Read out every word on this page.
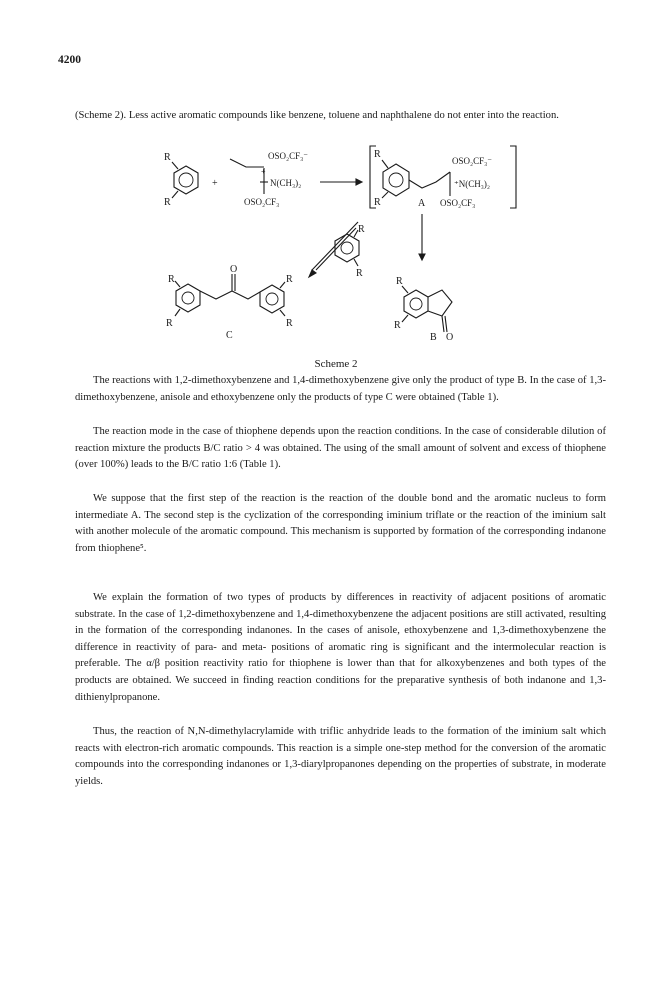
4200

(Scheme 2). Less active aromatic compounds like benzene, toluene and naphthalene do not enter into the reaction.

R
R
+
OSO₂CF₃⁻
+
N(CH₃)₂
OSO₂CF₃
R
R
OSO₂CF₃⁻
⁺N(CH₃)₂
OSO₂CF₃
A
R
R
R
R
O
R
R
C
R
R
B O

Scheme 2

The reactions with 1,2-dimethoxybenzene and 1,4-dimethoxybenzene give only the product of type B. In the case of 1,3-dimethoxybenzene, anisole and ethoxybenzene only the products of type C were obtained (Table 1).

The reaction mode in the case of thiophene depends upon the reaction conditions. In the case of considerable dilution of reaction mixture the products B/C ratio > 4 was obtained. The using of the small amount of solvent and excess of thiophene (over 100%) leads to the B/C ratio 1:6 (Table 1).

We suppose that the first step of the reaction is the reaction of the double bond and the aromatic nucleus to form intermediate A. The second step is the cyclization of the corresponding iminium triflate or the reaction of the iminium salt with another molecule of the aromatic compound. This mechanism is supported by formation of the corresponding indanone from thiophene⁵.

We explain the formation of two types of products by differences in reactivity of adjacent positions of aromatic substrate. In the case of 1,2-dimethoxybenzene and 1,4-dimethoxybenzene the adjacent positions are still activated, resulting in the formation of the corresponding indanones. In the cases of anisole, ethoxybenzene and 1,3-dimethoxybenzene the difference in reactivity of para- and meta- positions of aromatic ring is significant and the intermolecular reaction is preferable. The α/β position reactivity ratio for thiophene is lower than that for alkoxybenzenes and both types of the products are obtained. We succeed in finding reaction conditions for the preparative synthesis of both indanone and 1,3-dithienylpropanone.

Thus, the reaction of N,N-dimethylacrylamide with triflic anhydride leads to the formation of the iminium salt which reacts with electron-rich aromatic compounds. This reaction is a simple one-step method for the conversion of the aromatic compounds into the corresponding indanones or 1,3-diarylpropanones depending on the properties of substrate, in moderate yields.
